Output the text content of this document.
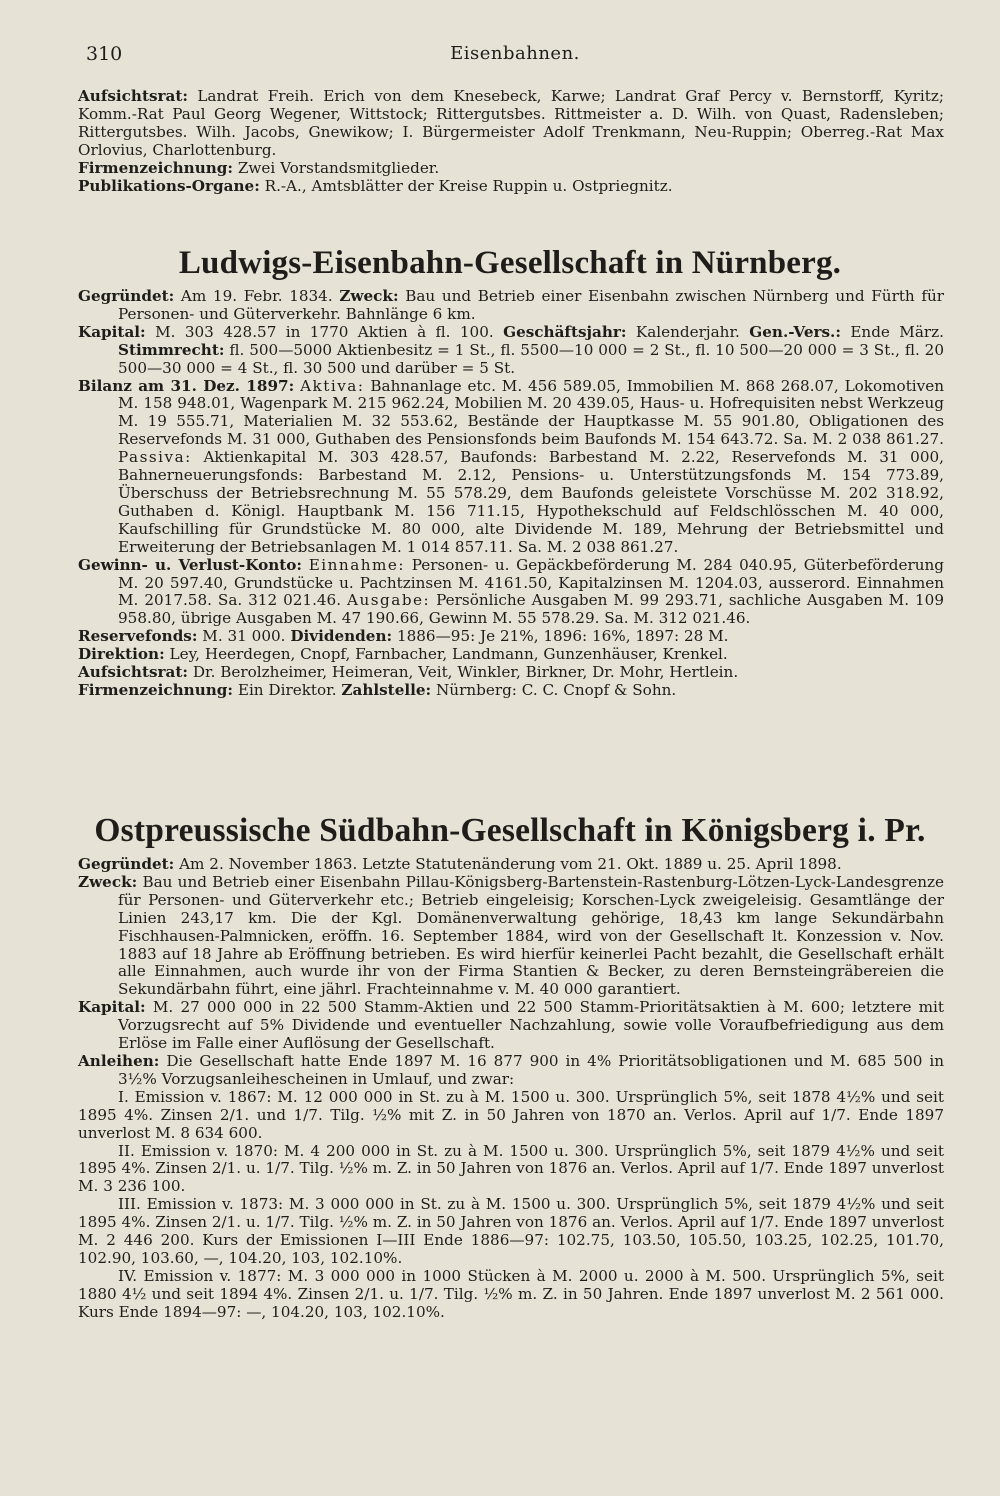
310	Eisenbahnen.

Aufsichtsrat: Landrat Freih. Erich von dem Knesebeck, Karwe; Landrat Graf Percy v. Bernstorff, Kyritz; Komm.-Rat Paul Georg Wegener, Wittstock; Rittergutsbes. Rittmeister a. D. Wilh. von Quast, Radensleben; Rittergutsbes. Wilh. Jacobs, Gnewikow; I. Bürgermeister Adolf Trenkmann, Neu-Ruppin; Oberreg.-Rat Max Orlovius, Charlottenburg.

Firmenzeichnung: Zwei Vorstandsmitglieder.

Publikations-Organe: R.-A., Amtsblätter der Kreise Ruppin u. Ostpriegnitz.

Ludwigs-Eisenbahn-Gesellschaft in Nürnberg.

Gegründet: Am 19. Febr. 1834. Zweck: Bau und Betrieb einer Eisenbahn zwischen Nürnberg und Fürth für Personen- und Güterverkehr. Bahnlänge 6 km.

Kapital: M. 303 428.57 in 1770 Aktien à fl. 100. Geschäftsjahr: Kalenderjahr. Gen.-Vers.: Ende März. Stimmrecht: fl. 500—5000 Aktienbesitz = 1 St., fl. 5500—10 000 = 2 St., fl. 10 500—20 000 = 3 St., fl. 20 500—30 000 = 4 St., fl. 30 500 und darüber = 5 St.

Bilanz am 31. Dez. 1897: Aktiva: Bahnanlage etc. M. 456 589.05, Immobilien M. 868 268.07, Lokomotiven M. 158 948.01, Wagenpark M. 215 962.24, Mobilien M. 20 439.05, Haus- u. Hofrequisiten nebst Werkzeug M. 19 555.71, Materialien M. 32 553.62, Bestände der Hauptkasse M. 55 901.80, Obligationen des Reservefonds M. 31 000, Guthaben des Pensionsfonds beim Baufonds M. 154 643.72. Sa. M. 2 038 861.27. Passiva: Aktienkapital M. 303 428.57, Baufonds: Barbestand M. 2.22, Reservefonds M. 31 000, Bahnerneuerungsfonds: Barbestand M. 2.12, Pensions- u. Unterstützungsfonds M. 154 773.89, Überschuss der Betriebsrechnung M. 55 578.29, dem Baufonds geleistete Vorschüsse M. 202 318.92, Guthaben d. Königl. Hauptbank M. 156 711.15, Hypothekschuld auf Feldschlösschen M. 40 000, Kaufschilling für Grundstücke M. 80 000, alte Dividende M. 189, Mehrung der Betriebsmittel und Erweiterung der Betriebsanlagen M. 1 014 857.11. Sa. M. 2 038 861.27.

Gewinn- u. Verlust-Konto: Einnahme: Personen- u. Gepäckbeförderung M. 284 040.95, Güterbeförderung M. 20 597.40, Grundstücke u. Pachtzinsen M. 4161.50, Kapitalzinsen M. 1204.03, ausserord. Einnahmen M. 2017.58. Sa. 312 021.46. Ausgabe: Persönliche Ausgaben M. 99 293.71, sachliche Ausgaben M. 109 958.80, übrige Ausgaben M. 47 190.66, Gewinn M. 55 578.29. Sa. M. 312 021.46.

Reservefonds: M. 31 000. Dividenden: 1886—95: Je 21%, 1896: 16%, 1897: 28 M.

Direktion: Ley, Heerdegen, Cnopf, Farnbacher, Landmann, Gunzenhäuser, Krenkel.

Aufsichtsrat: Dr. Berolzheimer, Heimeran, Veit, Winkler, Birkner, Dr. Mohr, Hertlein.

Firmenzeichnung: Ein Direktor. Zahlstelle: Nürnberg: C. C. Cnopf & Sohn.

Ostpreussische Südbahn-Gesellschaft in Königsberg i. Pr.

Gegründet: Am 2. November 1863. Letzte Statutenänderung vom 21. Okt. 1889 u. 25. April 1898.

Zweck: Bau und Betrieb einer Eisenbahn Pillau-Königsberg-Bartenstein-Rastenburg-Lötzen-Lyck-Landesgrenze für Personen- und Güterverkehr etc.; Betrieb eingeleisig; Korschen-Lyck zweigeleisig. Gesamtlänge der Linien 243,17 km. Die der Kgl. Domänenverwaltung gehörige, 18,43 km lange Sekundärbahn Fischhausen-Palmnicken, eröffn. 16. September 1884, wird von der Gesellschaft lt. Konzession v. Nov. 1883 auf 18 Jahre ab Eröffnung betrieben. Es wird hierfür keinerlei Pacht bezahlt, die Gesellschaft erhält alle Einnahmen, auch wurde ihr von der Firma Stantien & Becker, zu deren Bernsteingräbereien die Sekundärbahn führt, eine jährl. Frachteinnahme v. M. 40 000 garantiert.

Kapital: M. 27 000 000 in 22 500 Stamm-Aktien und 22 500 Stamm-Prioritätsaktien à M. 600; letztere mit Vorzugsrecht auf 5% Dividende und eventueller Nachzahlung, sowie volle Voraufbefriedigung aus dem Erlöse im Falle einer Auflösung der Gesellschaft.

Anleihen: Die Gesellschaft hatte Ende 1897 M. 16 877 900 in 4% Prioritätsobligationen und M. 685 500 in 3½% Vorzugsanleihescheinen in Umlauf, und zwar:

I. Emission v. 1867: M. 12 000 000 in St. zu à M. 1500 u. 300. Ursprünglich 5%, seit 1878 4½% und seit 1895 4%. Zinsen 2/1. und 1/7. Tilg. ½% mit Z. in 50 Jahren von 1870 an. Verlos. April auf 1/7. Ende 1897 unverlost M. 8 634 600.

II. Emission v. 1870: M. 4 200 000 in St. zu à M. 1500 u. 300. Ursprünglich 5%, seit 1879 4½% und seit 1895 4%. Zinsen 2/1. u. 1/7. Tilg. ½% m. Z. in 50 Jahren von 1876 an. Verlos. April auf 1/7. Ende 1897 unverlost M. 3 236 100.

III. Emission v. 1873: M. 3 000 000 in St. zu à M. 1500 u. 300. Ursprünglich 5%, seit 1879 4½% und seit 1895 4%. Zinsen 2/1. u. 1/7. Tilg. ½% m. Z. in 50 Jahren von 1876 an. Verlos. April auf 1/7. Ende 1897 unverlost M. 2 446 200. Kurs der Emissionen I—III Ende 1886—97: 102.75, 103.50, 105.50, 103.25, 102.25, 101.70, 102.90, 103.60, —, 104.20, 103, 102.10%.

IV. Emission v. 1877: M. 3 000 000 in 1000 Stücken à M. 2000 u. 2000 à M. 500. Ursprünglich 5%, seit 1880 4½ und seit 1894 4%. Zinsen 2/1. u. 1/7. Tilg. ½% m. Z. in 50 Jahren. Ende 1897 unverlost M. 2 561 000. Kurs Ende 1894—97: —, 104.20, 103, 102.10%.
